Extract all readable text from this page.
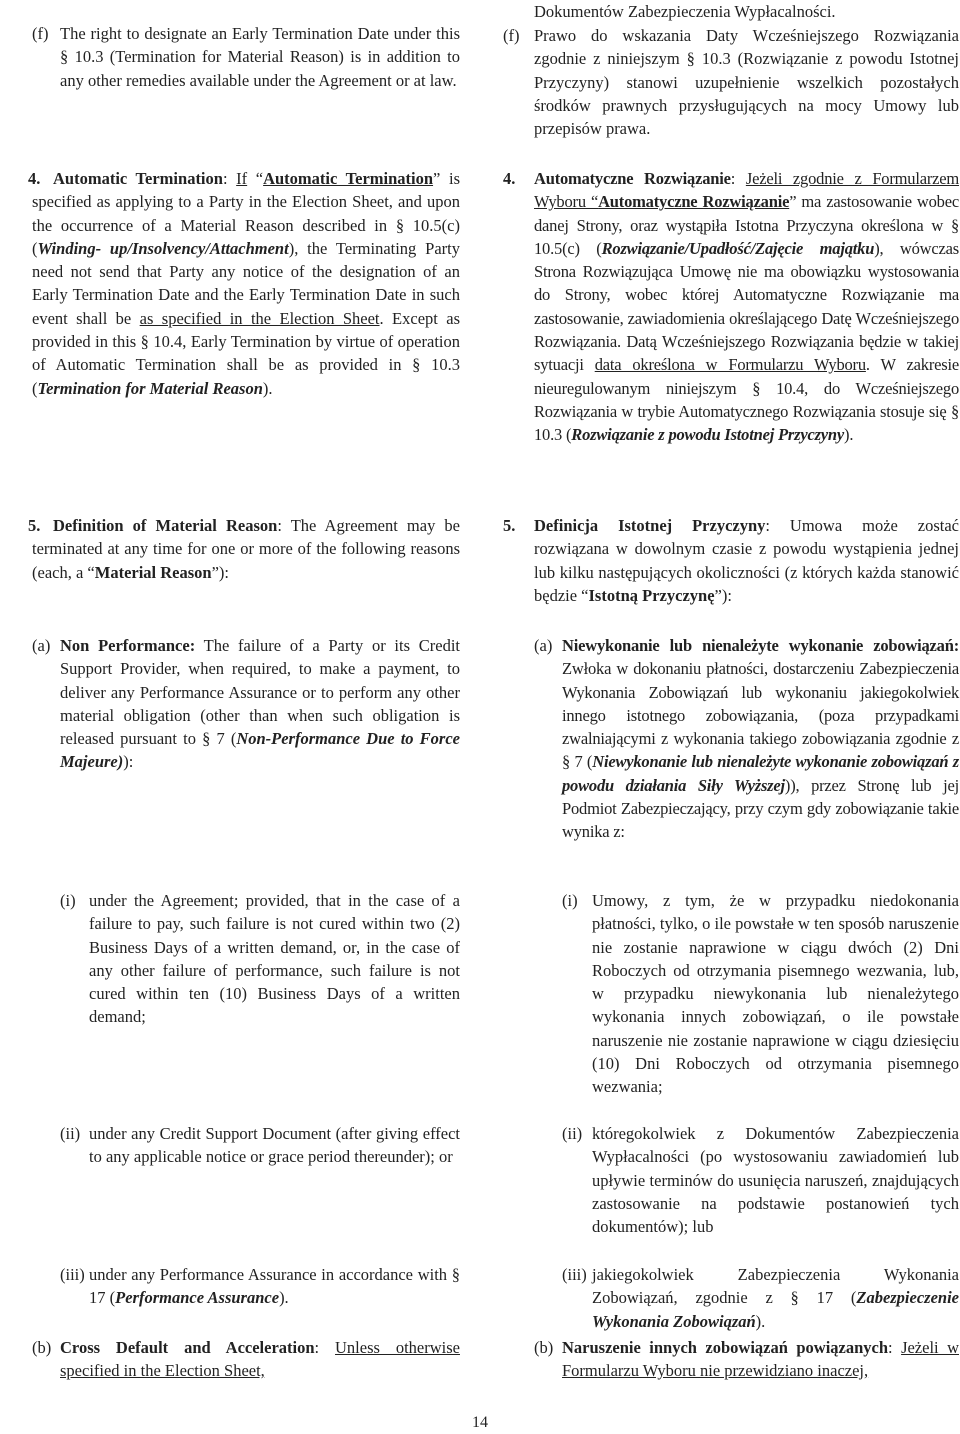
(f) The right to designate an Early Termination Date under this § 10.3 (Termination for Material Reason) is in addition to any other remedies available under the Agreement or at law.

4. Automatic Termination: If “Automatic Termination” is specified as applying to a Party in the Election Sheet, and upon the occurrence of a Material Reason described in § 10.5(c) (Winding- up/Insolvency/Attachment), the Terminating Party need not send that Party any notice of the designation of an Early Termination Date and the Early Termination Date in such event shall be as specified in the Election Sheet. Except as provided in this § 10.4, Early Termination by virtue of operation of Automatic Termination shall be as provided in § 10.3 (Termination for Material Reason).

5. Definition of Material Reason: The Agreement may be terminated at any time for one or more of the following reasons (each, a “Material Reason”):

(a) Non Performance: The failure of a Party or its Credit Support Provider, when required, to make a payment, to deliver any Performance Assurance or to perform any other material obligation (other than when such obligation is released pursuant to § 7 (Non-Performance Due to Force Majeure)):

(i) under the Agreement; provided, that in the case of a failure to pay, such failure is not cured within two (2) Business Days of a written demand, or, in the case of any other failure of performance, such failure is not cured within ten (10) Business Days of a written demand;

(ii) under any Credit Support Document (after giving effect to any applicable notice or grace period thereunder); or

(iii) under any Performance Assurance in accordance with § 17 (Performance Assurance).

(b) Cross Default and Acceleration: Unless otherwise specified in the Election Sheet,

Dokumentów Zabezpieczenia Wypłacalności.

(f) Prawo do wskazania Daty Wcześniejszego Rozwiązania zgodnie z niniejszym § 10.3 (Rozwiązanie z powodu Istotnej Przyczyny) stanowi uzupełnienie wszelkich pozostałych środków prawnych przysługujących na mocy Umowy lub przepisów prawa.

4. Automatyczne Rozwiązanie: Jeżeli zgodnie z Formularzem Wyboru “Automatyczne Rozwiązanie” ma zastosowanie wobec danej Strony, oraz wystąpiła Istotna Przyczyna określona w § 10.5(c) (Rozwiązanie/Upadłość/Zajęcie majątku), wówczas Strona Rozwiązująca Umowę nie ma obowiązku wystosowania do Strony, wobec której Automatyczne Rozwiązanie ma zastosowanie, zawiadomienia określającego Datę Wcześniejszego Rozwiązania. Datą Wcześniejszego Rozwiązania będzie w takiej sytuacji data określona w Formularzu Wyboru. W zakresie nieuregulowanym niniejszym § 10.4, do Wcześniejszego Rozwiązania w trybie Automatycznego Rozwiązania stosuje się § 10.3 (Rozwiązanie z powodu Istotnej Przyczyny).

5. Definicja Istotnej Przyczyny: Umowa może zostać rozwiązana w dowolnym czasie z powodu wystąpienia jednej lub kilku następujących okoliczności (z których każda stanowić będzie “Istotną Przyczynę”):

(a) Niewykonanie lub nienależyte wykonanie zobowiązań: Zwłoka w dokonaniu płatności, dostarczeniu Zabezpieczenia Wykonania Zobowiązań lub wykonaniu jakiegokolwiek innego istotnego zobowiązania, (poza przypadkami zwalniającymi z wykonania takiego zobowiązania zgodnie z § 7 (Niewykonanie lub nienależyte wykonanie zobowiązań z powodu działania Siły Wyższej)), przez Stronę lub jej Podmiot Zabezpieczający, przy czym gdy zobowiązanie takie wynika z:

(i) Umowy, z tym, że w przypadku niedokonania płatności, tylko, o ile powstałe w ten sposób naruszenie nie zostanie naprawione w ciągu dwóch (2) Dni Roboczych od otrzymania pisemnego wezwania, lub, w przypadku niewykonania lub nienależytego wykonania innych zobowiązań, o ile powstałe naruszenie nie zostanie naprawione w ciągu dziesięciu (10) Dni Roboczych od otrzymania pisemnego wezwania;

(ii) któregokolwiek z Dokumentów Zabezpieczenia Wypłacalności (po wystosowaniu zawiadomień lub upływie terminów do usunięcia naruszeń, znajdujących zastosowanie na podstawie postanowień tych dokumentów); lub

(iii) jakiegokolwiek Zabezpieczenia Wykonania Zobowiązań, zgodnie z § 17 (Zabezpieczenie Wykonania Zobowiązań).

(b) Naruszenie innych zobowiązań powiązanych: Jeżeli w Formularzu Wyboru nie przewidziano inaczej,

14
